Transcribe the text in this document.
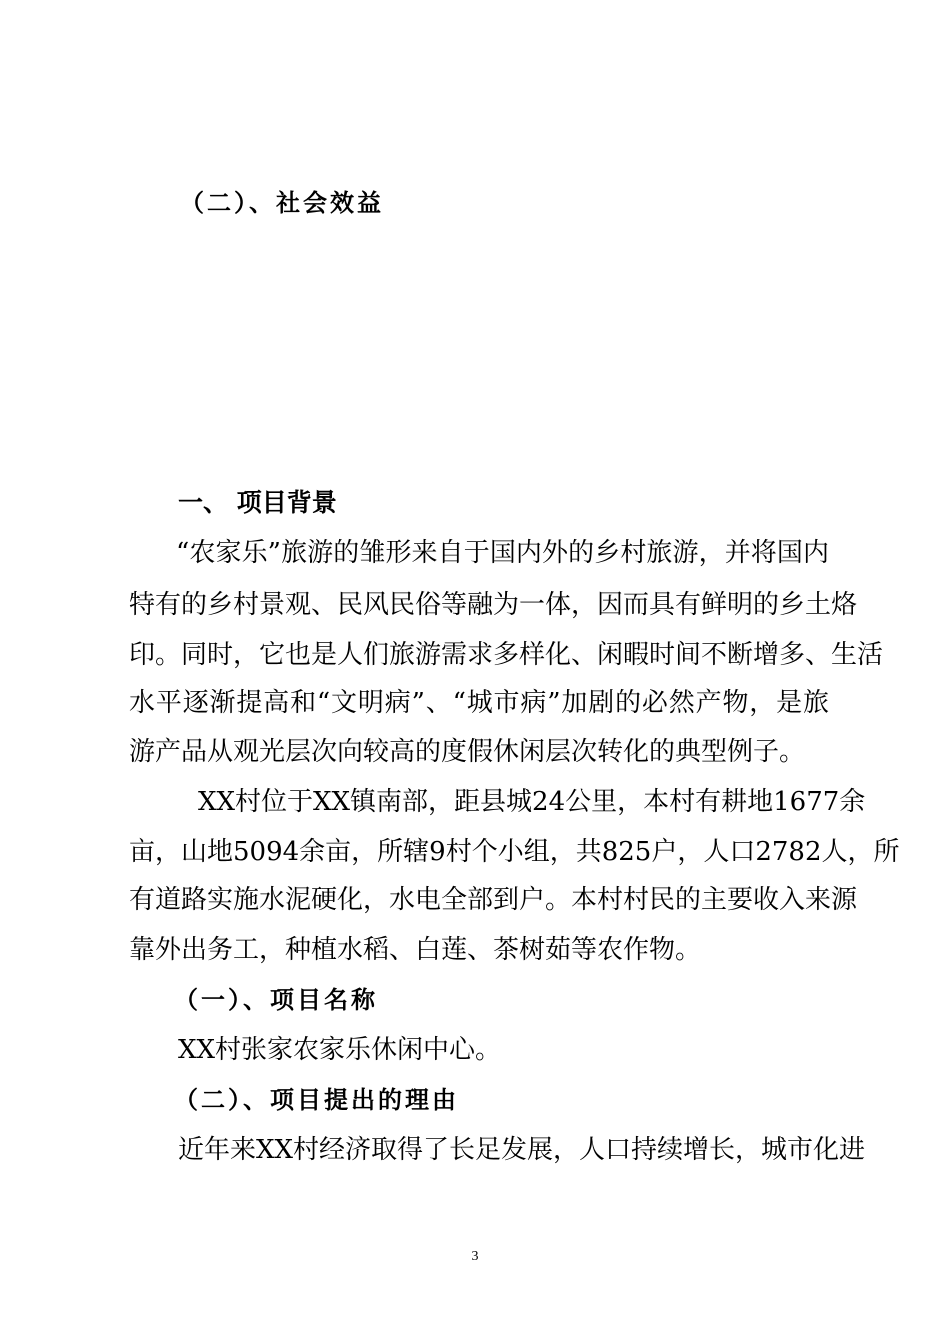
（二）、社会效益
一、 项目背景
“农家乐”旅游的雏形来自于国内外的乡村旅游，并将国内
特有的乡村景观、民风民俗等融为一体，因而具有鲜明的乡土烙
印。同时，它也是人们旅游需求多样化、闲暇时间不断增多、生活
水平逐渐提高和“文明病”、“城市病”加剧的必然产物，是旅
游产品从观光层次向较高的度假休闲层次转化的典型例子。
XX村位于XX镇南部，距县城24公里，本村有耕地1677余
亩，山地5094余亩，所辖9村个小组，共825户，人口2782人，所
有道路实施水泥硬化，水电全部到户。本村村民的主要收入来源
靠外出务工，种植水稻、白莲、茶树茹等农作物。
（一）、项目名称
XX村张家农家乐休闲中心。
（二）、项目提出的理由
近年来XX村经济取得了长足发展，人口持续增长，城市化进
3
